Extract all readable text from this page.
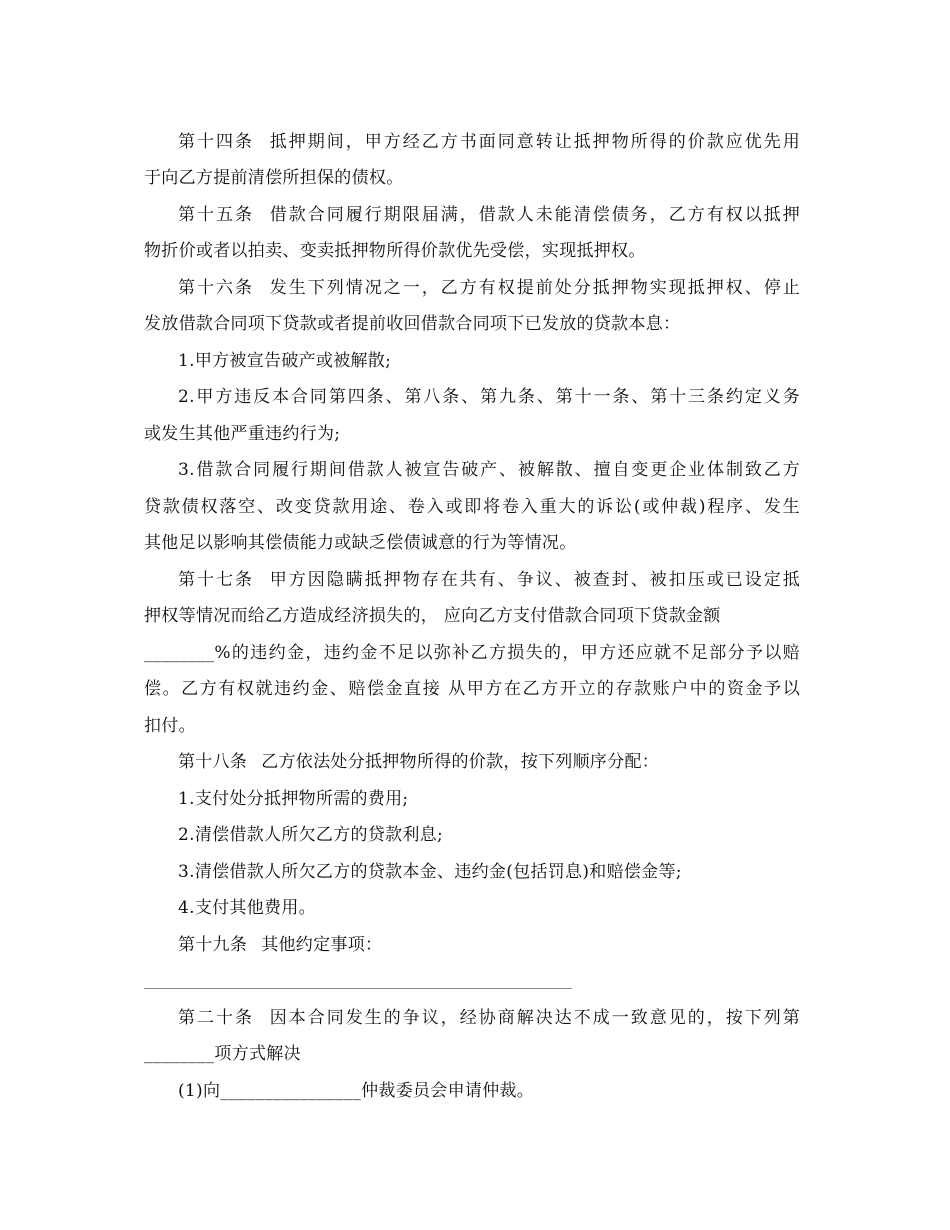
第十四条 抵押期间，甲方经乙方书面同意转让抵押物所得的价款应优先用
于向乙方提前清偿所担保的债权。
第十五条 借款合同履行期限届满，借款人未能清偿债务，乙方有权以抵押
物折价或者以拍卖、变卖抵押物所得价款优先受偿，实现抵押权。
第十六条 发生下列情况之一，乙方有权提前处分抵押物实现抵押权、停止
发放借款合同项下贷款或者提前收回借款合同项下已发放的贷款本息：
1.甲方被宣告破产或被解散;
2.甲方违反本合同第四条、第八条、第九条、第十一条、第十三条约定义务
或发生其他严重违约行为;
3.借款合同履行期间借款人被宣告破产、被解散、擅自变更企业体制致乙方
贷款债权落空、改变贷款用途、卷入或即将卷入重大的诉讼(或仲裁)程序、发生
其他足以影响其偿债能力或缺乏偿债诚意的行为等情况。
第十七条 甲方因隐瞒抵押物存在共有、争议、被查封、被扣压或已设定抵
押权等情况而给乙方造成经济损失的， 应向乙方支付借款合同项下贷款金额
________%的违约金，违约金不足以弥补乙方损失的，甲方还应就不足部分予以赔
偿。乙方有权就违约金、赔偿金直接 从甲方在乙方开立的存款账户中的资金予以
扣付。
第十八条 乙方依法处分抵押物所得的价款，按下列顺序分配：
1.支付处分抵押物所需的费用;
2.清偿借款人所欠乙方的贷款利息;
3.清偿借款人所欠乙方的贷款本金、违约金(包括罚息)和赔偿金等;
4.支付其他费用。
第十九条 其他约定事项：
第二十条 因本合同发生的争议，经协商解决达不成一致意见的，按下列第
________项方式解决
(1)向________________仲裁委员会申请仲裁。
